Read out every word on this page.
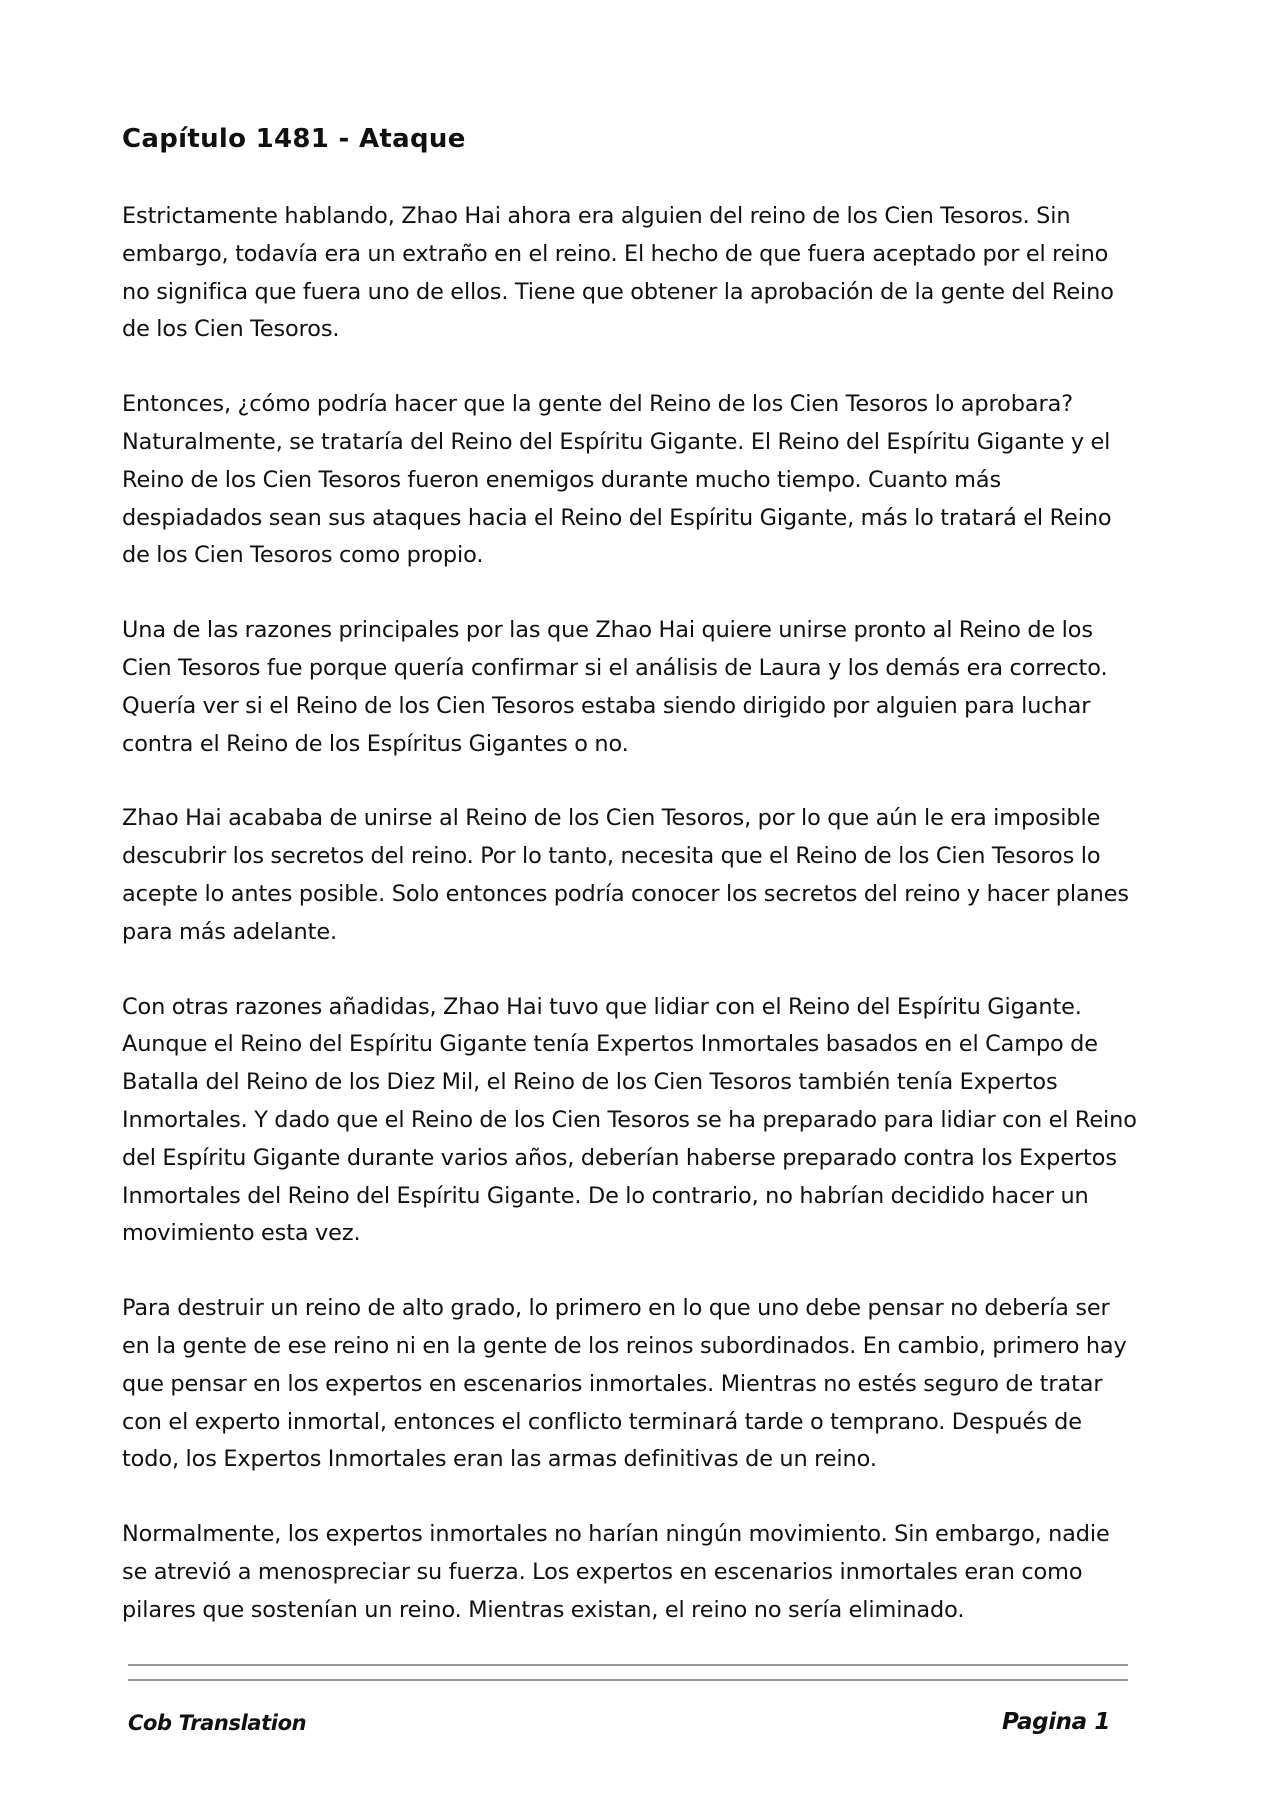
Capítulo 1481 - Ataque

Estrictamente hablando, Zhao Hai ahora era alguien del reino de los Cien Tesoros. Sin embargo, todavía era un extraño en el reino. El hecho de que fuera aceptado por el reino no significa que fuera uno de ellos. Tiene que obtener la aprobación de la gente del Reino de los Cien Tesoros.

Entonces, ¿cómo podría hacer que la gente del Reino de los Cien Tesoros lo aprobara? Naturalmente, se trataría del Reino del Espíritu Gigante. El Reino del Espíritu Gigante y el Reino de los Cien Tesoros fueron enemigos durante mucho tiempo. Cuanto más despiadados sean sus ataques hacia el Reino del Espíritu Gigante, más lo tratará el Reino de los Cien Tesoros como propio.

Una de las razones principales por las que Zhao Hai quiere unirse pronto al Reino de los Cien Tesoros fue porque quería confirmar si el análisis de Laura y los demás era correcto. Quería ver si el Reino de los Cien Tesoros estaba siendo dirigido por alguien para luchar contra el Reino de los Espíritus Gigantes o no.

Zhao Hai acababa de unirse al Reino de los Cien Tesoros, por lo que aún le era imposible descubrir los secretos del reino. Por lo tanto, necesita que el Reino de los Cien Tesoros lo acepte lo antes posible. Solo entonces podría conocer los secretos del reino y hacer planes para más adelante.

Con otras razones añadidas, Zhao Hai tuvo que lidiar con el Reino del Espíritu Gigante. Aunque el Reino del Espíritu Gigante tenía Expertos Inmortales basados en el Campo de Batalla del Reino de los Diez Mil, el Reino de los Cien Tesoros también tenía Expertos Inmortales. Y dado que el Reino de los Cien Tesoros se ha preparado para lidiar con el Reino del Espíritu Gigante durante varios años, deberían haberse preparado contra los Expertos Inmortales del Reino del Espíritu Gigante. De lo contrario, no habrían decidido hacer un movimiento esta vez.

Para destruir un reino de alto grado, lo primero en lo que uno debe pensar no debería ser en la gente de ese reino ni en la gente de los reinos subordinados. En cambio, primero hay que pensar en los expertos en escenarios inmortales. Mientras no estés seguro de tratar con el experto inmortal, entonces el conflicto terminará tarde o temprano. Después de todo, los Expertos Inmortales eran las armas definitivas de un reino.

Normalmente, los expertos inmortales no harían ningún movimiento. Sin embargo, nadie se atrevió a menospreciar su fuerza. Los expertos en escenarios inmortales eran como pilares que sostenían un reino. Mientras existan, el reino no sería eliminado.

Cob Translation	Pagina 1
